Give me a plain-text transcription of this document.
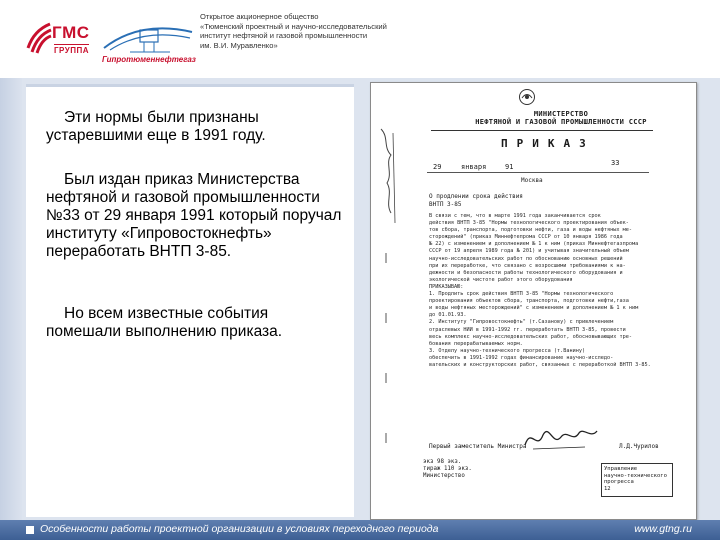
ГМС
ГРУППА
Гипротюменнефтегаз
Открытое акционерное общество
«Тюменский проектный и научно-исследовательский
институт нефтяной и газовой промышленности
им. В.И. Муравленко»

Эти нормы были признаны устаревшими еще в 1991 году.

Был издан приказ Министерства нефтяной и газовой промышленности №33 от 29 января 1991 который поручал институту «Гипровостокнефть» переработать ВНТП 3-85.

Но всем известные события помешали выполнению приказа.

МИНИСТЕРСТВО
НЕФТЯНОЙ И ГАЗОВОЙ ПРОМЫШЛЕННОСТИ СССР
ПРИКАЗ
29	января	91	33
Москва
О продлении срока действия
ВНТП 3-85
В связи с тем, что в марте 1991 года заканчивается срок
действия ВНТП 3-85 "Нормы технологического проектирования объек-
тов сбора, транспорта, подготовки нефти, газа и воды нефтяных ме-
сторождений" (приказ Миннефтепрома СССР от 10 января 1986 года
№ 22) с изменением и дополнением № 1 к ним (приказ Миннефтегазпрома
СССР от 19 апреля 1989 года № 201) и учитывая значительный объем
научно-исследовательских работ по обоснованию основных решений
при их переработке, что связано с возросшими требованиями к на-
дежности и безопасности работы технологического оборудования и
экологической чистоте работ этого оборудования
ПРИКАЗЫВАЮ:
1. Продлить срок действия ВНТП 3-85 "Нормы технологического
проектирования объектов сбора, транспорта, подготовки нефти,газа
и воды нефтяных месторождений" с изменением и дополнением № 1 к ним
до 01.01.93.
2. Институту "Гипровостокнефть" (т.Сазанову) с привлечением
отраслевых НИИ в 1991-1992 гг. переработать ВНТП 3-85, провести
весь комплекс научно-исследовательских работ, обосновывающих тре-
бования перерабатываемых норм.
3. Отделу научно-технического прогресса (т.Ванину)
обеспечить в 1991-1992 годах финансирование научно-исследо-
вательских и конструкторских работ, связанных с переработкой ВНТП 3-85.
Первый заместитель Министра	Л.Д.Чурилов
экз 98 экз.
тираж 110 экз.
Министерство
Управление
научно-технического
прогресса
12
Особенности работы проектной организации в условиях переходного периода	www.gtng.ru
